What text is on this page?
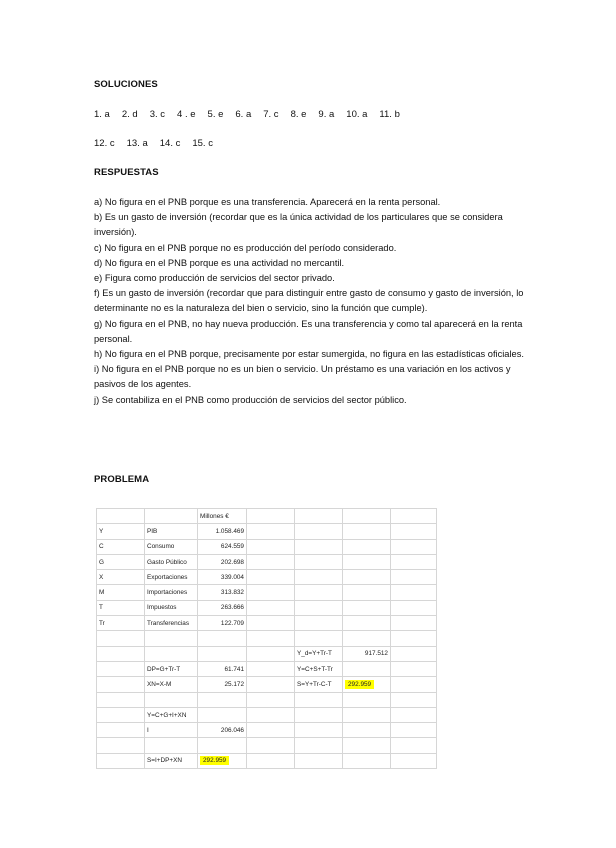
SOLUCIONES
1. a 2. d 3. c 4 . e 5. e 6. a 7. c 8. e 9. a 10. a 11. b
12. c 13. a 14. c 15. c
RESPUESTAS

a) No figura en el PNB porque es una transferencia. Aparecerá en la renta personal.

b) Es un gasto de inversión (recordar que es la única actividad de los particulares que se considera inversión).

c) No figura en el PNB porque no es producción del período considerado.

d) No figura en el PNB porque es una actividad no mercantil.

e) Figura como producción de servicios del sector privado.

f) Es un gasto de inversión (recordar que para distinguir entre gasto de consumo y gasto de inversión, lo determinante no es la naturaleza del bien o servicio, sino la función que cumple).

g) No figura en el PNB, no hay nueva producción. Es una transferencia y como tal aparecerá en la renta personal.

h) No figura en el PNB porque, precisamente por estar sumergida, no figura en las estadísticas oficiales.

i) No figura en el PNB porque no es un bien o servicio. Un préstamo es una variación en los activos y pasivos de los agentes.

j) Se contabiliza en el PNB como producción de servicios del sector público.

PROBLEMA
		Millones €				
Y	PIB	1.058.469				
C	Consumo	624.559				
G	Gasto Público	202.698				
X	Exportaciones	339.004				
M	Importaciones	313.832				
T	Impuestos	263.666				
Tr	Transferencias	122.709				

				Y_d=Y+Tr-T	917.512	
	DP=G+Tr-T	61.741		Y=C+S+T-Tr		
	XN=X-M	25.172		S=Y+Tr-C-T	292.959	

	Y=C+G+I+XN					
	I	206.046				

	S=I+DP+XN	292.959				
